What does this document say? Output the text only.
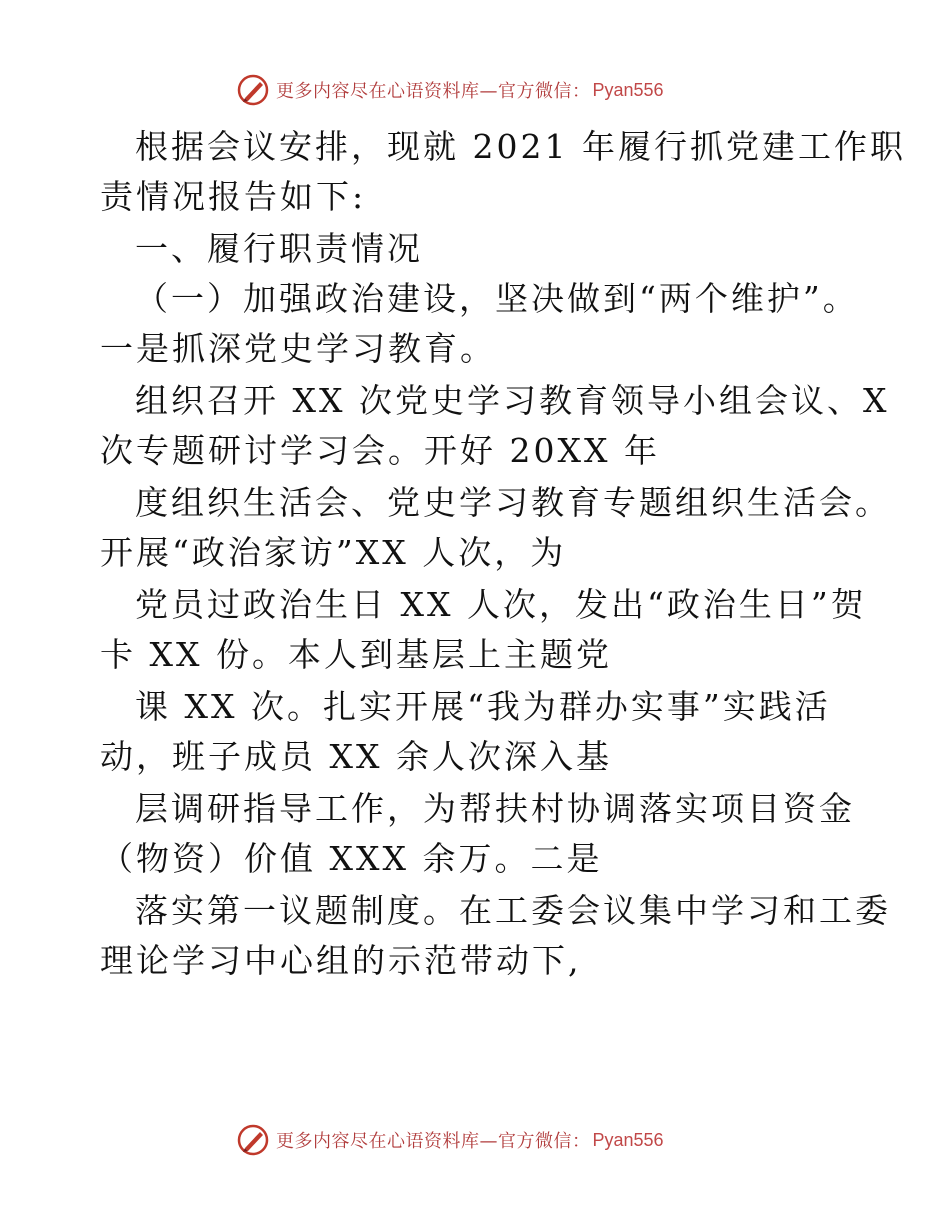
更多内容尽在心语资料库—官方微信： Pyan556
根据会议安排，现就 2021 年履行抓党建工作职
责情况报告如下:
一、履行职责情况
（一）加强政治建设，坚决做到“两个维护”。
一是抓深党史学习教育。
组织召开 XX 次党史学习教育领导小组会议、X
次专题研讨学习会。开好 20XX 年
度组织生活会、党史学习教育专题组织生活会。
开展“政治家访”XX 人次，为
党员过政治生日 XX 人次，发出“政治生日”贺
卡 XX 份。本人到基层上主题党
课 XX 次。扎实开展“我为群办实事”实践活
动，班子成员 XX 余人次深入基
层调研指导工作，为帮扶村协调落实项目资金
（物资）价值 XXX 余万。二是
落实第一议题制度。在工委会议集中学习和工委
理论学习中心组的示范带动下,
更多内容尽在心语资料库—官方微信： Pyan556
